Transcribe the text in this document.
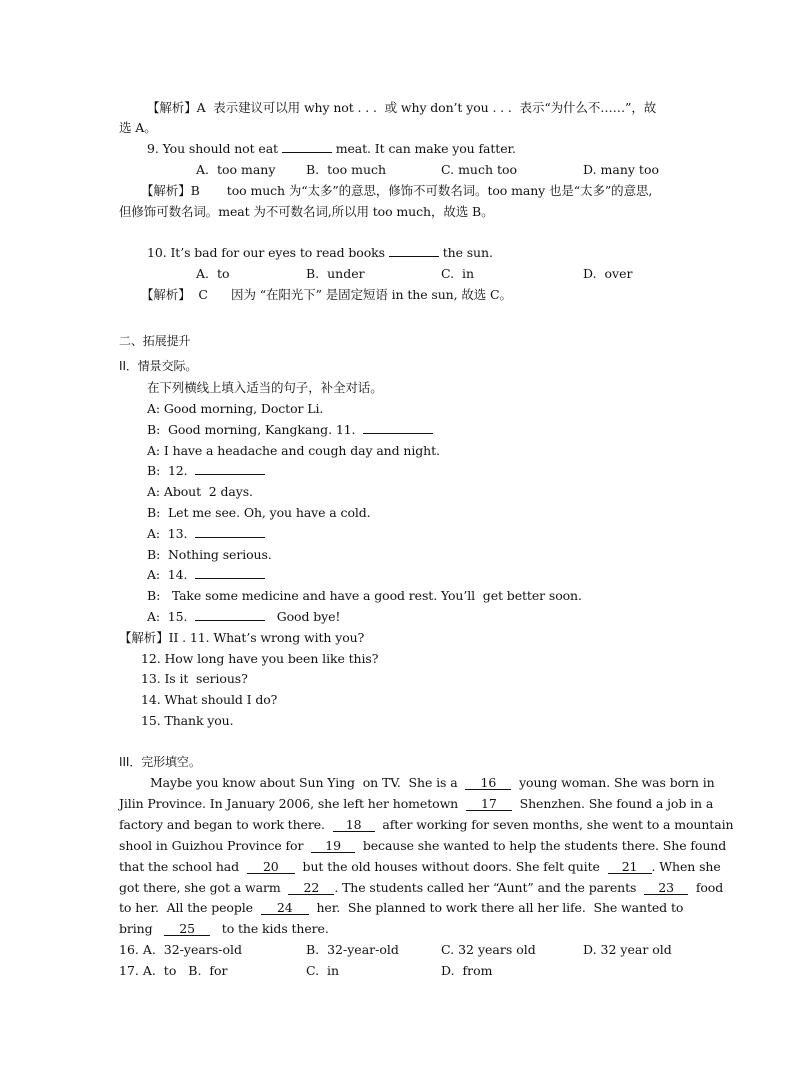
【解析】A  表示建议可以用 why not . . .  或 why don’t you . . .  表示“为什么不……”，故
选 A。
9. You should not eat	meat. It can make you fatter.
A.  too many B.  too much	C. much too	D. many too
【解析】B       too much 为“太多”的意思，修饰不可数名词。too many 也是“太多”的意思,
但修饰可数名词。meat 为不可数名词,所以用 too much，故选 B。
10. It’s bad for our eyes to read books	the sun.
A.  to	B.  under	C.  in	D.  over
【解析】  C      因为 “在阳光下” 是固定短语 in the sun, 故选 C。
二、拓展提升
II．情景交际。
在下列横线上填入适当的句子，补全对话。
A: Good morning, Doctor Li.
B:  Good morning, Kangkang. 11.
A: I have a headache and cough day and night.
B:  12.
A: About  2 days.
B:  Let me see. Oh, you have a cold.
A:  13.
B:  Nothing serious.
A:  14.
B:   Take some medicine and have a good rest. You’ll  get better soon.
A:  15.	Good bye!
【解析】II . 11. What’s wrong with you?
12. How long have you been like this?
13. Is it  serious?
14. What should I do?
15. Thank you.
III．完形填空。
Maybe you know about Sun Ying  on TV.  She is a  16  young woman. She was born in
Jilin Province. In January 2006, she left her hometown  17  Shenzhen. She found a job in a
factory and began to work there.  18  after working for seven months, she went to a mountain
shool in Guizhou Province for  19  because she wanted to help the students there. She found
that the school had  20  but the old houses without doors. She felt quite  21 . When she
got there, she got a warm  22 . The students called her “Aunt” and the parents  23  food
to her.  All the people  24  her.  She planned to work there all her life.  She wanted to
bring   25   to the kids there.
16. A.  32-years-old	B.  32-year-old	C. 32 years old	D. 32 year old
17. A.  to   B.  for	C.  in	D.  from
